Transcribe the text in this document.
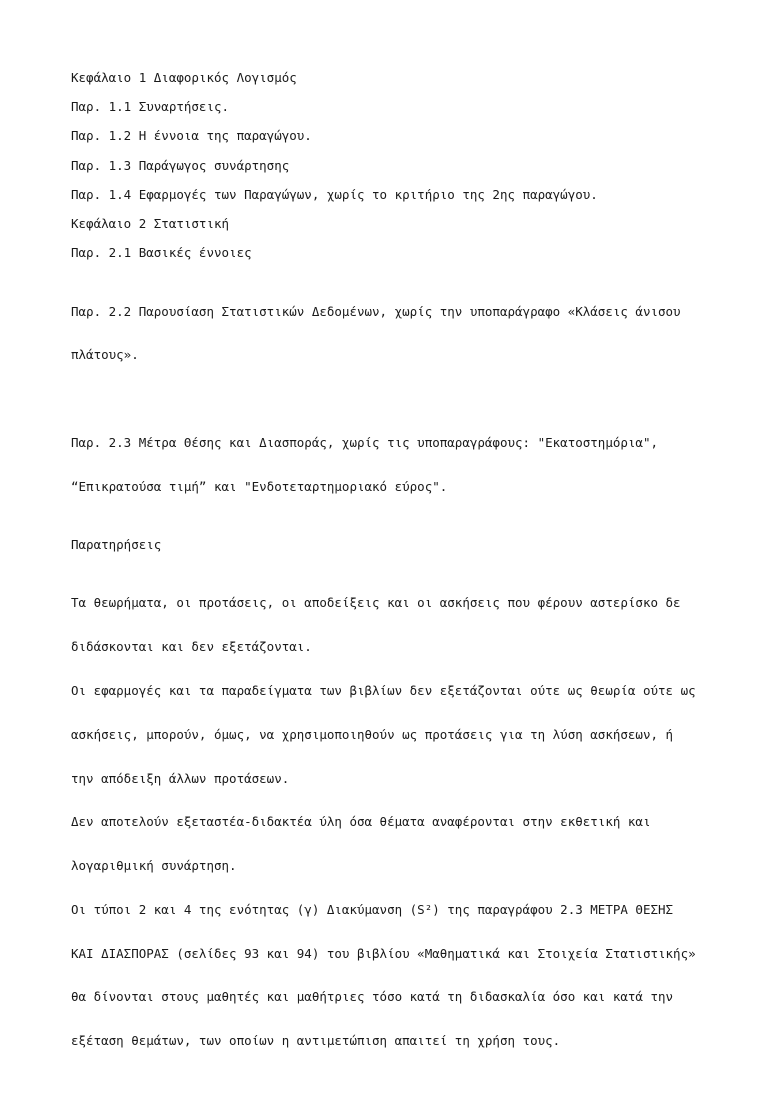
Κεφάλαιο 1 Διαφορικός Λογισμός

Παρ. 1.1 Συναρτήσεις.

Παρ. 1.2 Η έννοια της παραγώγου.

Παρ. 1.3 Παράγωγος συνάρτησης

Παρ. 1.4 Εφαρμογές των Παραγώγων, χωρίς το κριτήριο της 2ης παραγώγου.

Κεφάλαιο 2 Στατιστική

Παρ. 2.1 Βασικές έννοιες

Παρ. 2.2 Παρουσίαση Στατιστικών Δεδομένων, χωρίς την υποπαράγραφο «Κλάσεις άνισου

πλάτους».

Παρ. 2.3 Μέτρα Θέσης και Διασποράς, χωρίς τις υποπαραγράφους: "Εκατοστημόρια",

“Επικρατούσα τιμή” και "Ενδοτεταρτημοριακό εύρος".

Παρατηρήσεις

Τα θεωρήματα, οι προτάσεις, οι αποδείξεις και οι ασκήσεις που φέρουν αστερίσκο δε

διδάσκονται και δεν εξετάζονται.

Οι εφαρμογές και τα παραδείγματα των βιβλίων δεν εξετάζονται ούτε ως θεωρία ούτε ως

ασκήσεις, μπορούν, όμως, να χρησιμοποιηθούν ως προτάσεις για τη λύση ασκήσεων, ή

την απόδειξη άλλων προτάσεων.

Δεν αποτελούν εξεταστέα-διδακτέα ύλη όσα θέματα αναφέρονται στην εκθετική και

λογαριθμική συνάρτηση.

Οι τύποι 2 και 4 της ενότητας (γ) Διακύμανση (S²) της παραγράφου 2.3 ΜΕΤΡΑ ΘΕΣΗΣ

ΚΑΙ ΔΙΑΣΠΟΡΑΣ (σελίδες 93 και 94) του βιβλίου «Μαθηματικά και Στοιχεία Στατιστικής»

θα δίνονται στους μαθητές και μαθήτριες τόσο κατά τη διδασκαλία όσο και κατά την

εξέταση θεμάτων, των οποίων η αντιμετώπιση απαιτεί τη χρήση τους.
